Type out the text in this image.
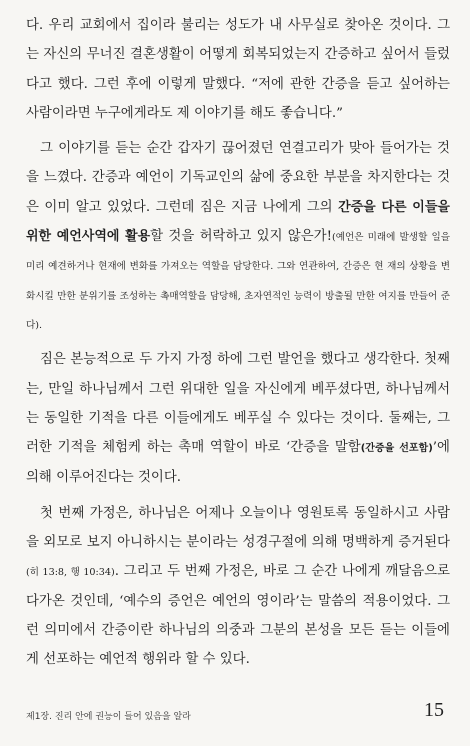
다. 우리 교회에서 집이라 불리는 성도가 내 사무실로 찾아온 것이다. 그는 자신의 무너진 결혼생활이 어떻게 회복되었는지 간증하고 싶어서 들렀다고 했다. 그런 후에 이렇게 말했다. “저에 관한 간증을 듣고 싶어하는 사람이라면 누구에게라도 제 이야기를 해도 좋습니다.”

그 이야기를 듣는 순간 갑자기 끊어졌던 연결고리가 맞아 들어가는 것을 느꼈다. 간증과 예언이 기독교인의 삶에 중요한 부분을 차지한다는 것은 이미 알고 있었다. 그런데 짐은 지금 나에게 그의 간증을 다른 이들을 위한 예언사역에 활용할 것을 허락하고 있지 않은가!(예언은 미래에 발생할 일을 미리 예견하거나 현재에 변화를 가져오는 역할을 담당한다. 그와 연관하여, 간증은 현 재의 상황을 변화시킬 만한 분위기를 조성하는 촉매역할을 담당해, 초자연적인 능력이 방출될 만한 여지를 만들어 준다).

짐은 본능적으로 두 가지 가정 하에 그런 발언을 했다고 생각한다. 첫째는, 만일 하나님께서 그런 위대한 일을 자신에게 베푸셨다면, 하나님께서는 동일한 기적을 다른 이들에게도 베푸실 수 있다는 것이다. 둘째는, 그러한 기적을 체험케 하는 촉매 역할이 바로 ‘간증을 말함(간증을 선포함)’에 의해 이루어진다는 것이다.

첫 번째 가정은, 하나님은 어제나 오늘이나 영원토록 동일하시고 사람을 외모로 보지 아니하시는 분이라는 성경구절에 의해 명백하게 증거된다(히 13:8, 행 10:34). 그리고 두 번째 가정은, 바로 그 순간 나에게 깨달음으로 다가온 것인데, ‘예수의 증언은 예언의 영이라’는 말씀의 적용이었다. 그런 의미에서 간증이란 하나님의 의중과 그분의 본성을 모든 듣는 이들에게 선포하는 예언적 행위라 할 수 있다.

제1장. 진리 안에 권능이 들어 있음을 알라	15
